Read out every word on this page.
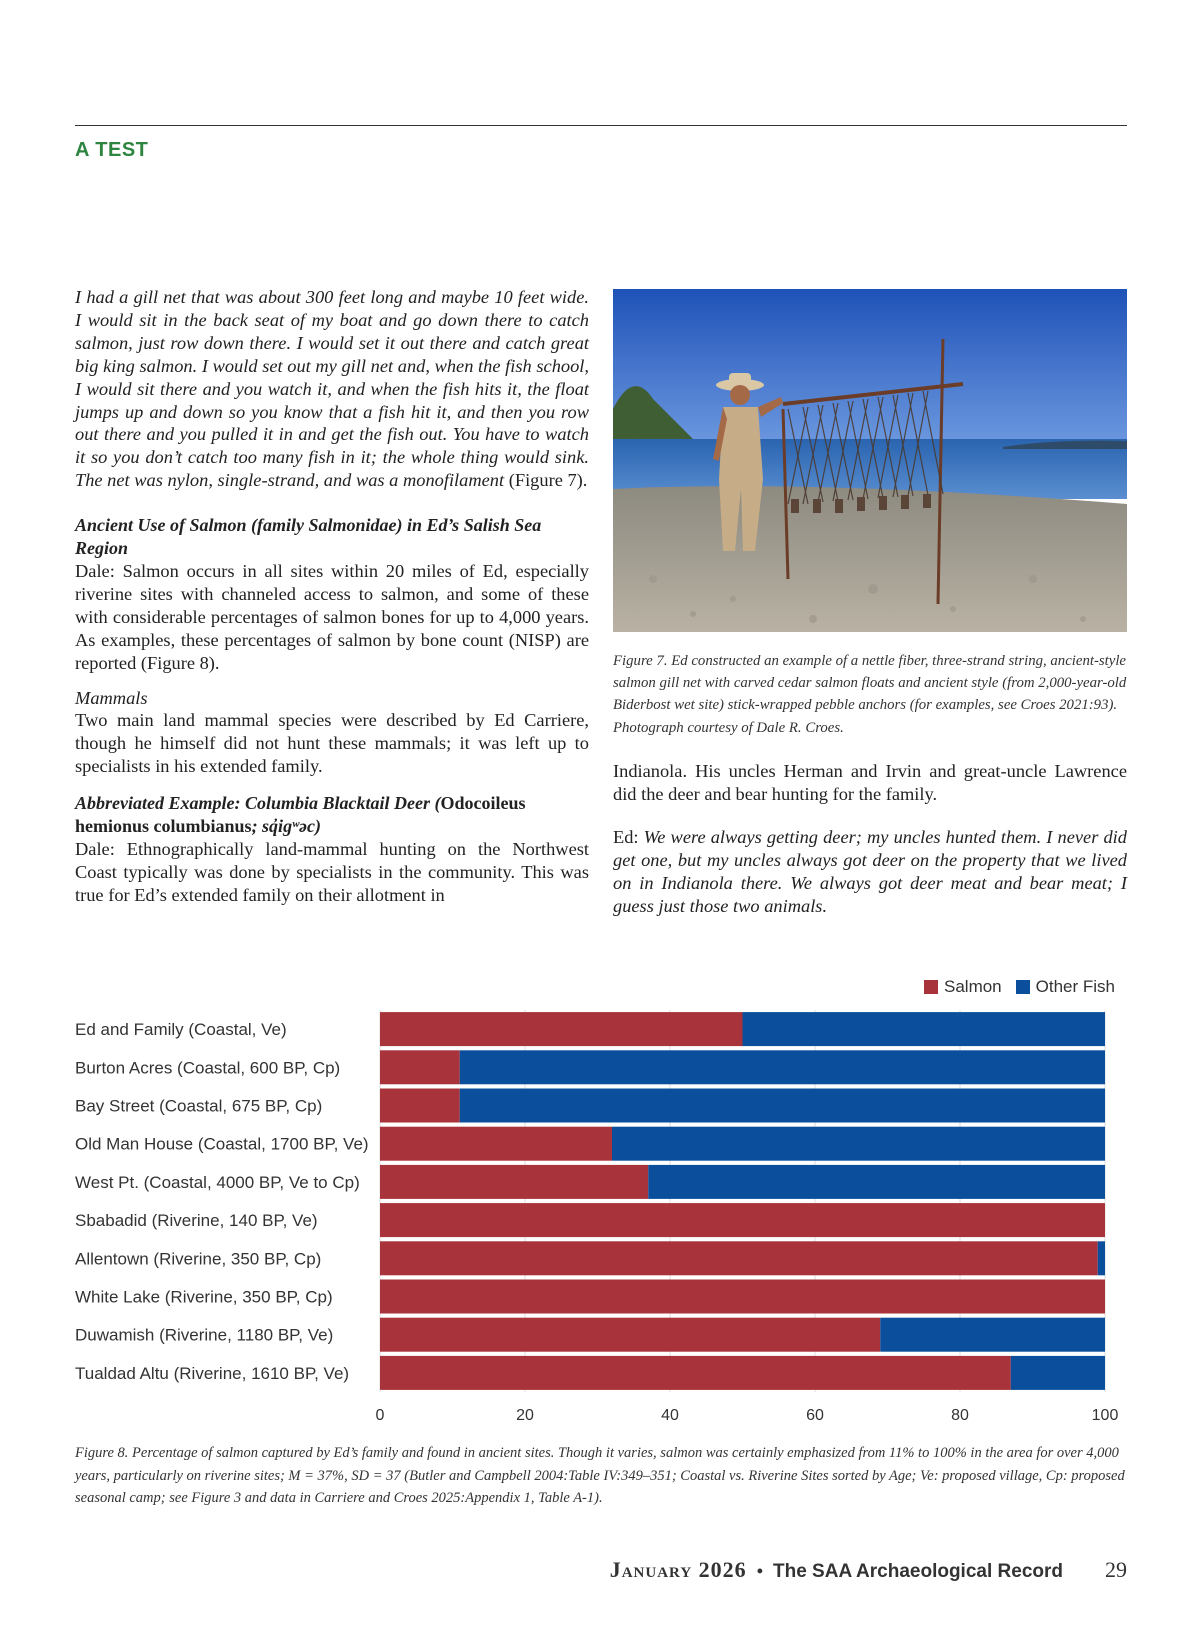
A TEST

I had a gill net that was about 300 feet long and maybe 10 feet wide. I would sit in the back seat of my boat and go down there to catch salmon, just row down there. I would set it out there and catch great big king salmon. I would set out my gill net and, when the fish school, I would sit there and you watch it, and when the fish hits it, the float jumps up and down so you know that a fish hit it, and then you row out there and you pulled it in and get the fish out. You have to watch it so you don’t catch too many fish in it; the whole thing would sink. The net was nylon, single-strand, and was a monofilament (Figure 7).

Ancient Use of Salmon (family Salmonidae) in Ed’s Salish Sea Region

Dale: Salmon occurs in all sites within 20 miles of Ed, especially riverine sites with channeled access to salmon, and some of these with considerable percentages of salmon bones for up to 4,000 years. As examples, these percentages of salmon by bone count (NISP) are reported (Figure 8).

Mammals

Two main land mammal species were described by Ed Carriere, though he himself did not hunt these mammals; it was left up to specialists in his extended family.

Abbreviated Example: Columbia Blacktail Deer (Odocoileus hemionus columbianus; sq̓igʷəc)

Dale: Ethnographically land-mammal hunting on the Northwest Coast typically was done by specialists in the community. This was true for Ed’s extended family on their allotment in

Figure 7. Ed constructed an example of a nettle fiber, three-strand string, ancient-style salmon gill net with carved cedar salmon floats and ancient style (from 2,000-year-old Biderbost wet site) stick-wrapped pebble anchors (for examples, see Croes 2021:93). Photograph courtesy of Dale R. Croes.

Indianola. His uncles Herman and Irvin and great-uncle Lawrence did the deer and bear hunting for the family.

Ed: We were always getting deer; my uncles hunted them. I never did get one, but my uncles always got deer on the property that we lived on in Indianola there. We always got deer meat and bear meat; I guess just those two animals.

Salmon Other Fish
Ed and Family (Coastal, Ve)
Burton Acres (Coastal, 600 BP, Cp)
Bay Street (Coastal, 675 BP, Cp)
Old Man House (Coastal, 1700 BP, Ve)
West Pt. (Coastal, 4000 BP, Ve to Cp)
Sbabadid (Riverine, 140 BP, Ve)
Allentown (Riverine, 350 BP, Cp)
White Lake (Riverine, 350 BP, Cp)
Duwamish (Riverine, 1180 BP, Ve)
Tualdad Altu (Riverine, 1610 BP, Ve)
0	20	40	60	80	100

Figure 8. Percentage of salmon captured by Ed’s family and found in ancient sites. Though it varies, salmon was certainly emphasized from 11% to 100% in the area for over 4,000 years, particularly on riverine sites; M = 37%, SD = 37 (Butler and Campbell 2004:Table IV:349–351; Coastal vs. Riverine Sites sorted by Age; Ve: proposed village, Cp: proposed seasonal camp; see Figure 3 and data in Carriere and Croes 2025:Appendix 1, Table A-1).

January 2026 • The SAA Archaeological Record 29
